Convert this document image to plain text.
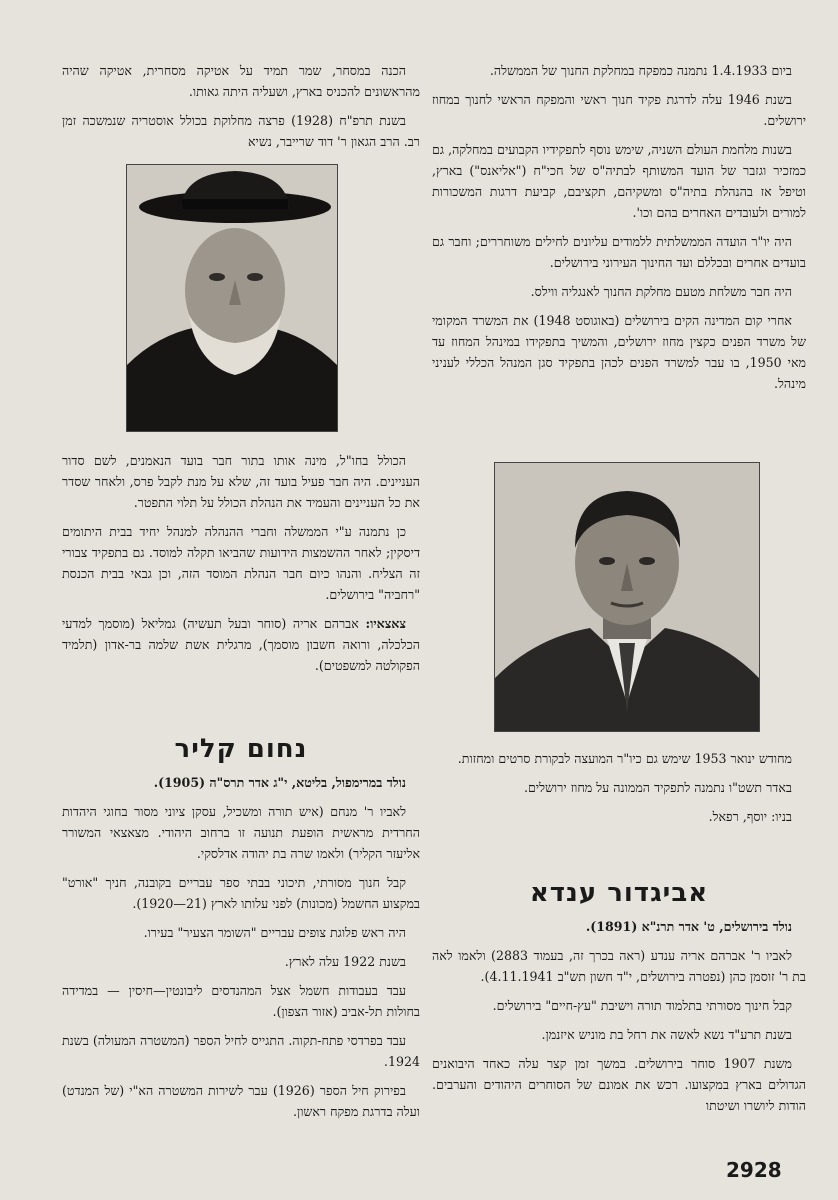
ביום 1.4.1933 נתמנה כמפקח במחלקת החנוך של הממשלה.

בשנת 1946 עלה לדרגת פקיד חנוך ראשי והמפקח הראשי לחנוך במחוז ירושלים.

בשנות מלחמת העולם השניה, שימש נוסף לתפקידיו הקבועים במחלקה, גם כמזכיר וגזבר של הועד המשותף לבתיה"ס של חכי"ח ("אליאנס") בארץ, וטיפל אז בהנהלת בתיה"ס ומשקיהם, תקציבם, קביעת דרגות המשכורות למורים ולעובדים האחרים בהם וכו'.

היה יו"ר הועדה הממשלתית ללמודים עליונים לחילים משוחררים; וחבר גם בועדים אחרים ובכללם ועד החינוך העירוני בירושלים.

היה חבר משלחת מטעם מחלקת החנוך לאנגליה ווילס.

אחרי קום המדינה הקים בירושלים (באוגוסט 1948) את המשרד המקומי של משרד הפנים כקצין מחוז ירושלים, והמשיך בתפקידו במינהל המחוז עד מאי 1950, בו עבר למשרד הפנים לכהן בתפקיד סגן המנהל הכללי לעניני מינהל.

מחודש ינואר 1953 שימש גם כיו"ר המועצה לבקורת סרטים ומחזות.

באדר תשט"ו נתמנה לתפקיד הממונה על מחוז ירושלים.

בניו: יוסף, רפאל.

אביגדור ענדא

נולד בירושלים, ט' אדר תרנ"א (1891).

לאביו ר' אברהם אריה ענדע (ראה בכרך זה, בעמוד 2883) ולאמו לאה בת ר' זוסמן כהן (נפטרה בירושלים, י"ד חשון תש"ב 4.11.1941).

קבל חינוך מסורתי בתלמוד תורה וישיבת "עץ-חיים" בירושלים.

בשנת תרע"ד נשא לאשה את רחל בת מוניש איזנמן.

משנת 1907 סוחר בירושלים. במשך זמן קצר עלה כאחד היבואנים הגדולים בארץ במקצועו. רכש את אמונם של הסוחרים היהודים והערבים. הודות ליושרו ושיטתו

הכנה במסחר, שמר תמיד על אטיקה מסחרית, אטיקה שהיה מהראשונים להכניס בארץ, ושעליה היתה גאותו.

בשנת תרפ"ח (1928) פרצה מחלוקת בכולל אוסטריה שנמשכה זמן רב. הרב הגאון ר' דוד שרייבר, נשיא

הכולל בחו"ל, מינה אותו בתור חבר בועד הנאמנים, לשם סדור העניינים. היה חבר פעיל בועד זה, שלא על מנת לקבל פרס, ולאחר שסדר את כל העניינים והעמיד את הנהלת הכולל על תלוי התפטר.

כן נתמנה ע"י הממשלה וחברי ההנהלה למנהל יחיד בבית היתומים דיסקין; לאחר ההשמצות הידועות שהביאו תקלה למוסד. גם בתפקיד צבורי זה הצליח. והנהו כיום חבר הנהלת המוסד הזה, וכן גבאי בבית הכנסת "רחביה" בירושלים.

צאצאיו: אברהם אריה (סוחר ובעל תעשיה) גמליאל (מוסמך למדעי הכלכלה, ורואה חשבון מוסמך), מרגלית אשת שלמה בר-אדון (תלמיד הפקולטה למשפטים).

נחום קליר

נולד במרימפול, בליטא, י"ג אדר תרס"ה (1905).

לאביו ר' מנחם (איש תורה ומשכיל, עסקן ציוני מסור בחוגי היהדות החרדית מראשית הופעת תנועה זו ברחוב היהודי. מצאצאי המשורר אליעזר הקליר) ולאמו שרה בת יהודה אדלסקי.

קבל חנוך מסורתי, תיכוני בבתי ספר עבריים בקובנה, חניך "אורט" במקצוע החשמל (מכונות) לפני עלותו לארץ (21—1920).

היה ראש פלוגת צופים עבריים "השומר הצעיר" בעירו.

בשנת 1922 עלה לארץ.

עבד בעבודות חשמל אצל המהנדסים ליבונטין—חיסין — במדידה בחולות תל-אביב (אזור הצפון).

עבד בפרדסי פתח-תקוה. התגייס לחיל הספר (המשטרה המעולה) בשנת 1924.

בפירוק חיל הספר (1926) עבר לשירות המשטרה הא"י (של המנדט) ועלה בדרגת מפקח ראשון.

2928
